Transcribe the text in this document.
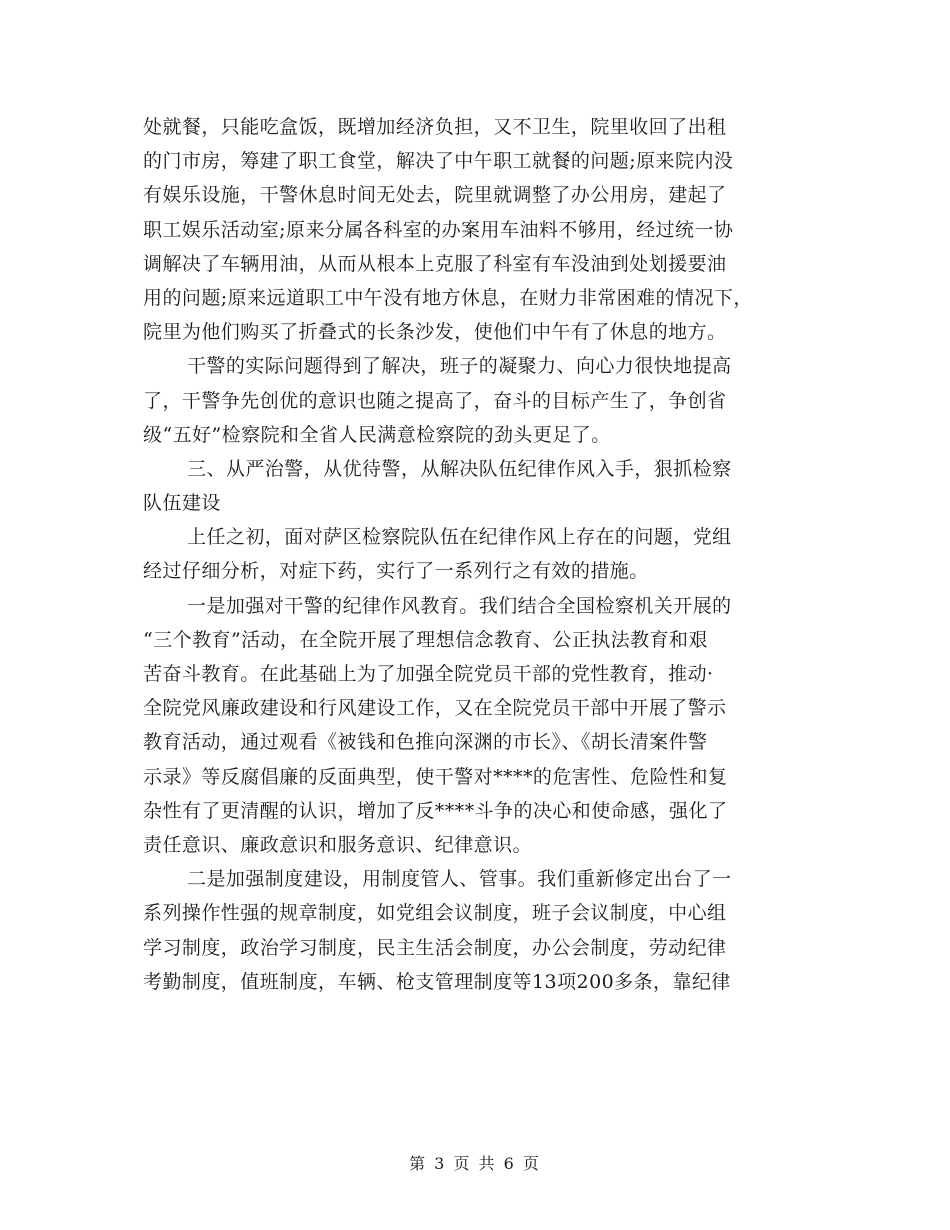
处就餐，只能吃盒饭，既增加经济负担，又不卫生，院里收回了出租
的门市房，筹建了职工食堂，解决了中午职工就餐的问题;原来院内没
有娱乐设施，干警休息时间无处去，院里就调整了办公用房，建起了
职工娱乐活动室;原来分属各科室的办案用车油料不够用，经过统一协
调解决了车辆用油，从而从根本上克服了科室有车没油到处划援要油
用的问题;原来远道职工中午没有地方休息，在财力非常困难的情况下，
院里为他们购买了折叠式的长条沙发，使他们中午有了休息的地方。
干警的实际问题得到了解决，班子的凝聚力、向心力很快地提高
了，干警争先创优的意识也随之提高了，奋斗的目标产生了，争创省
级“五好”检察院和全省人民满意检察院的劲头更足了。
三、从严治警，从优待警，从解决队伍纪律作风入手，狠抓检察
队伍建设
上任之初，面对萨区检察院队伍在纪律作风上存在的问题，党组
经过仔细分析，对症下药，实行了一系列行之有效的措施。
一是加强对干警的纪律作风教育。我们结合全国检察机关开展的
“三个教育”活动，在全院开展了理想信念教育、公正执法教育和艰
苦奋斗教育。在此基础上为了加强全院党员干部的党性教育，推动·
全院党风廉政建设和行风建设工作，又在全院党员干部中开展了警示
教育活动，通过观看《被钱和色推向深渊的市长》、《胡长清案件警
示录》等反腐倡廉的反面典型，使干警对****的危害性、危险性和复
杂性有了更清醒的认识，增加了反****斗争的决心和使命感，强化了
责任意识、廉政意识和服务意识、纪律意识。
二是加强制度建设，用制度管人、管事。我们重新修定出台了一
系列操作性强的规章制度，如党组会议制度，班子会议制度，中心组
学习制度，政治学习制度，民主生活会制度，办公会制度，劳动纪律
考勤制度，值班制度，车辆、枪支管理制度等13项200多条，靠纪律
第 3 页 共 6 页
